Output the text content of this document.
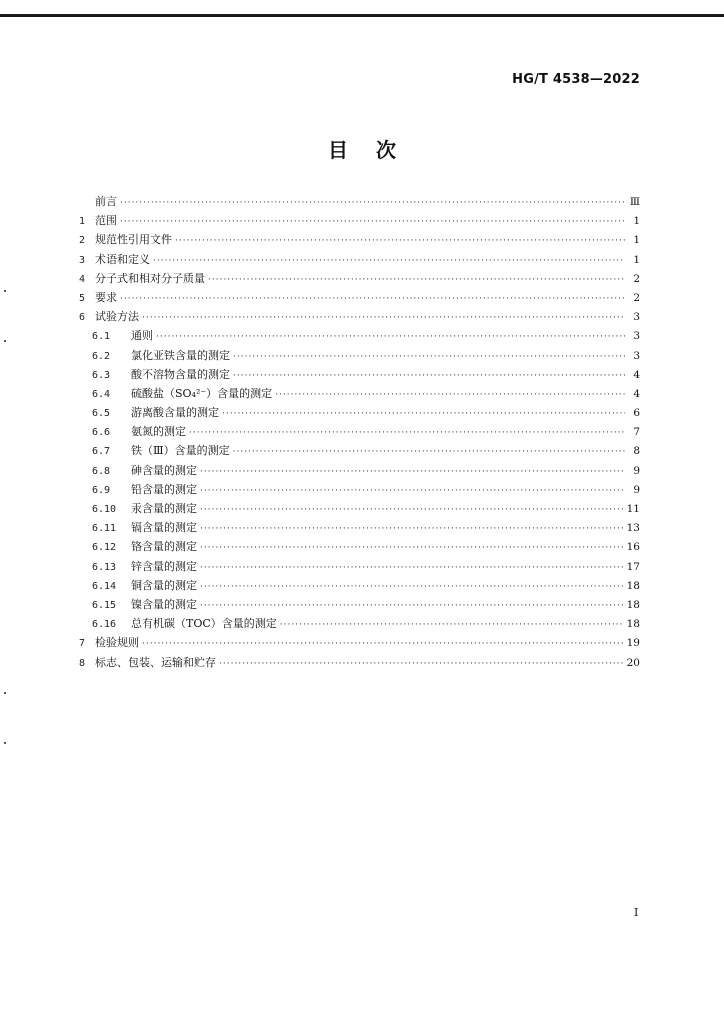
HG/T 4538—2022
目次
前言 ·····	Ⅲ
1 范围 ·····	1
2 规范性引用文件 ·····	1
3 术语和定义 ·····	1
4 分子式和相对分子质量 ·····	2
5 要求 ·····	2
6 试验方法 ·····	3
6.1	通则 ·····	3
6.2	氯化亚铁含量的测定 ·····	3
6.3	酸不溶物含量的测定 ·····	4
6.4	硫酸盐（SO₄²⁻）含量的测定 ·····	4
6.5	游离酸含量的测定 ·····	6
6.6	氨氮的测定 ·····	7
6.7	铁（Ⅲ）含量的测定 ·····	8
6.8	砷含量的测定 ·····	9
6.9	铅含量的测定 ·····	9
6.10	汞含量的测定 ·····	11
6.11	镉含量的测定 ·····	13
6.12	铬含量的测定 ·····	16
6.13	锌含量的测定 ·····	17
6.14	铜含量的测定 ·····	18
6.15	镍含量的测定 ·····	18
6.16	总有机碳（TOC）含量的测定 ·····	18
7 检验规则 ·····	19
8 标志、包装、运输和贮存 ·····	20
Ⅰ
